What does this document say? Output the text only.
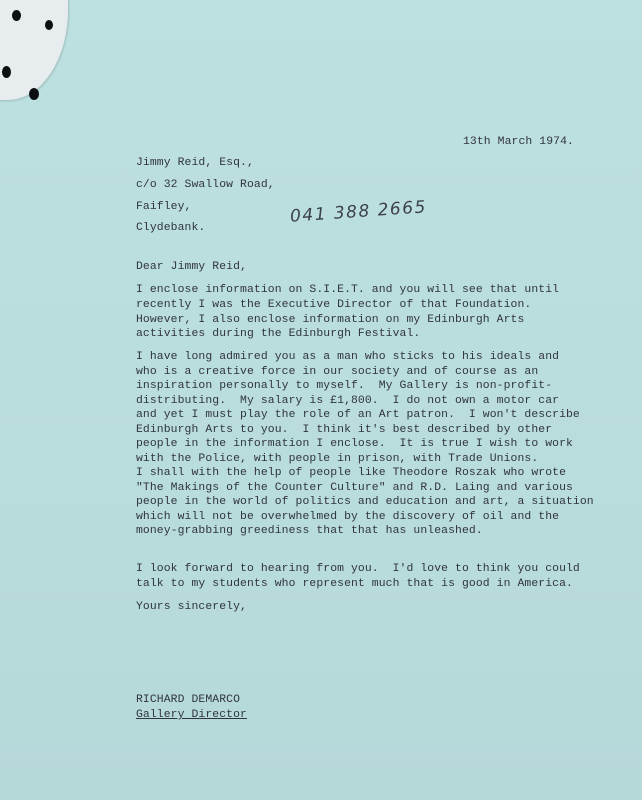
13th March 1974.
Jimmy Reid, Esq.,
c/o 32 Swallow Road,
Faifley,
Clydebank.
041 388 2665
Dear Jimmy Reid,
I enclose information on S.I.E.T. and you will see that until
recently I was the Executive Director of that Foundation.
However, I also enclose information on my Edinburgh Arts
activities during the Edinburgh Festival.
I have long admired you as a man who sticks to his ideals and
who is a creative force in our society and of course as an
inspiration personally to myself.  My Gallery is non-profit-
distributing.  My salary is £1,800.  I do not own a motor car
and yet I must play the role of an Art patron.  I won't describe
Edinburgh Arts to you.  I think it's best described by other
people in the information I enclose.  It is true I wish to work
with the Police, with people in prison, with Trade Unions.
I shall with the help of people like Theodore Roszak who wrote
"The Makings of the Counter Culture" and R.D. Laing and various
people in the world of politics and education and art, a situation
which will not be overwhelmed by the discovery of oil and the
money-grabbing greediness that that has unleashed.
I look forward to hearing from you.  I'd love to think you could
talk to my students who represent much that is good in America.
Yours sincerely,
RICHARD DEMARCO
Gallery Director
